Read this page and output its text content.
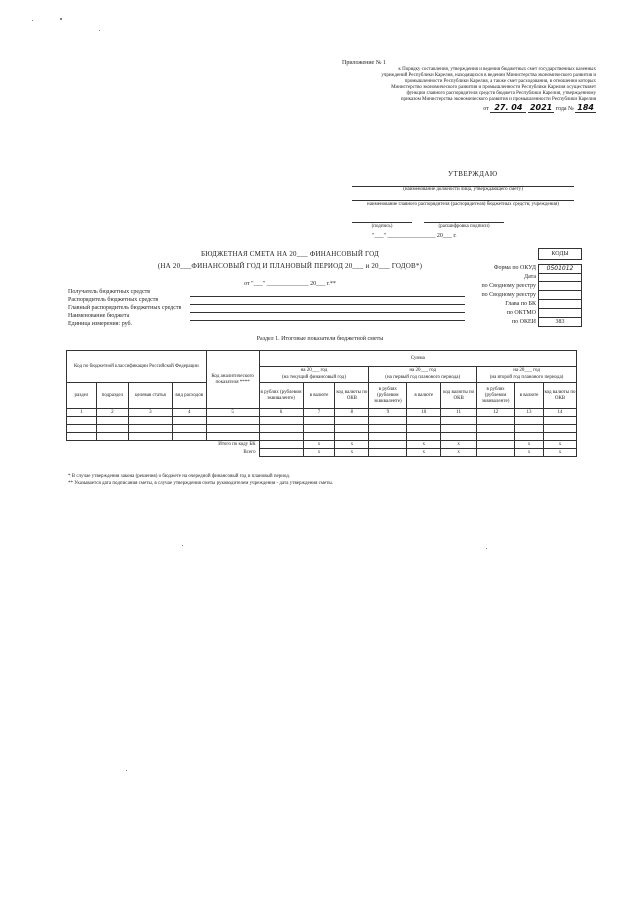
Приложение № 1
к Порядку составления, утверждения и ведения бюджетных смет государственных казенных
учреждений Республики Карелия, находящихся в ведении Министерства экономического развития и
промышленности Республики Карелия, а также смет расходования, в отношении которых
Министерство экономического развития и промышленности Республики Карелия осуществляет
функции главного распорядителя средств бюджета Республики Карелия, утвержденному
приказом Министерства экономического развития и промышленности Республики Карелия
от 27. 04 2021 года № 184
УТВЕРЖДАЮ
(наименование должности лица, утверждающего смету)
наименование главного распорядителя (распорядителя) бюджетных средств; учреждения)
(подпись)	(расшифровка подписи)
"___" ________________ 20___ г.
БЮДЖЕТНАЯ СМЕТА НА 20___ ФИНАНСОВЫЙ ГОД
(НА 20___ФИНАНСОВЫЙ ГОД И ПЛАНОВЫЙ ПЕРИОД 20___ и 20___ ГОДОВ*)
от "___" ______________ 20___ г.**
КОДЫ
Форма по ОКУД	0501012
Дата
по Сводному реестру
по Сводному реестру
Глава по БК
по ОКТМО
по ОКЕИ	383
Получатель бюджетных средств
Распорядитель бюджетных средств
Главный распорядитель бюджетных средств
Наименование бюджета
Единица измерения: руб.
Раздел 1. Итоговые показатели бюджетной сметы
Код по бюджетной классификации Российской Федерации				Код аналитического показателя ****	Сумма								
					на 20___ год			на 20___ год			на 20___ год		
					(на текущий финансовый год)			(на первый год планового периода)			(на второй год планового периода)		
раздел	подраздел	целевая статья	вид расходов		в рублях (рублевом эквиваленте)	в валюте	код валюты по ОКВ	в рублях (рублевом эквиваленте)	в валюте	код валюты по ОКВ	в рублях (рублевом эквиваленте)	в валюте	код валюты по ОКВ
1	2	3	4	5	6	7	8	9	10	11	12	13	14

Итого по коду БК						x	x		x	x		x	x
Всего						x	x		x	x		x	x
* В случае утверждения закона (решения) о бюджете на очередной финансовый год и плановый период.
** Указывается дата подписания сметы, в случае утверждения сметы руководителем учреждения - дата утверждения сметы.
